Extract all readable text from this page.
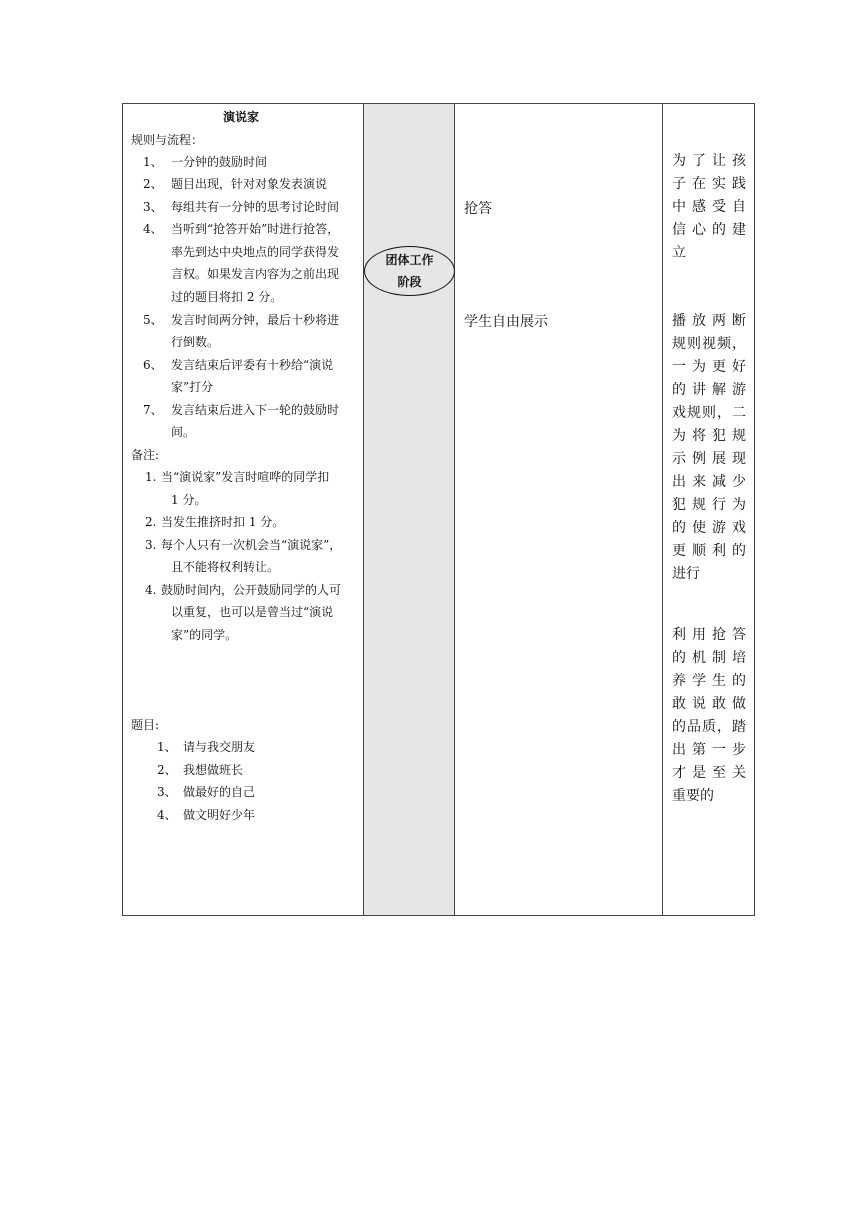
演说家
规则与流程：
1、 一分钟的鼓励时间
2、 题目出现，针对对象发表演说
3、 每组共有一分钟的思考讨论时间
4、 当听到“抢答开始”时进行抢答，
率先到达中央地点的同学获得发
言权。如果发言内容为之前出现
过的题目将扣 2 分。
5、 发言时间两分钟，最后十秒将进
行倒数。
6、 发言结束后评委有十秒给“演说
家”打分
7、 发言结束后进入下一轮的鼓励时
间。
备注:
1. 当“演说家”发言时喧哗的同学扣
1 分。
2. 当发生推挤时扣 1 分。
3. 每个人只有一次机会当“演说家”，
且不能将权利转让。
4. 鼓励时间内，公开鼓励同学的人可
以重复，也可以是曾当过“演说
家”的同学。
题目:
1、 请与我交朋友
2、 我想做班长
3、 做最好的自己
4、 做文明好少年
团体工作
阶段
抢答
学生自由展示
为了让孩
子在实践
中感受自
信心的建
立
播放两断
规则视频，
一为更好
的讲解游
戏规则，二
为将犯规
示例展现
出来减少
犯规行为
的使游戏
更顺利的
进行
利用抢答
的机制培
养学生的
敢说敢做
的品质，踏
出第一步
才是至关
重要的
